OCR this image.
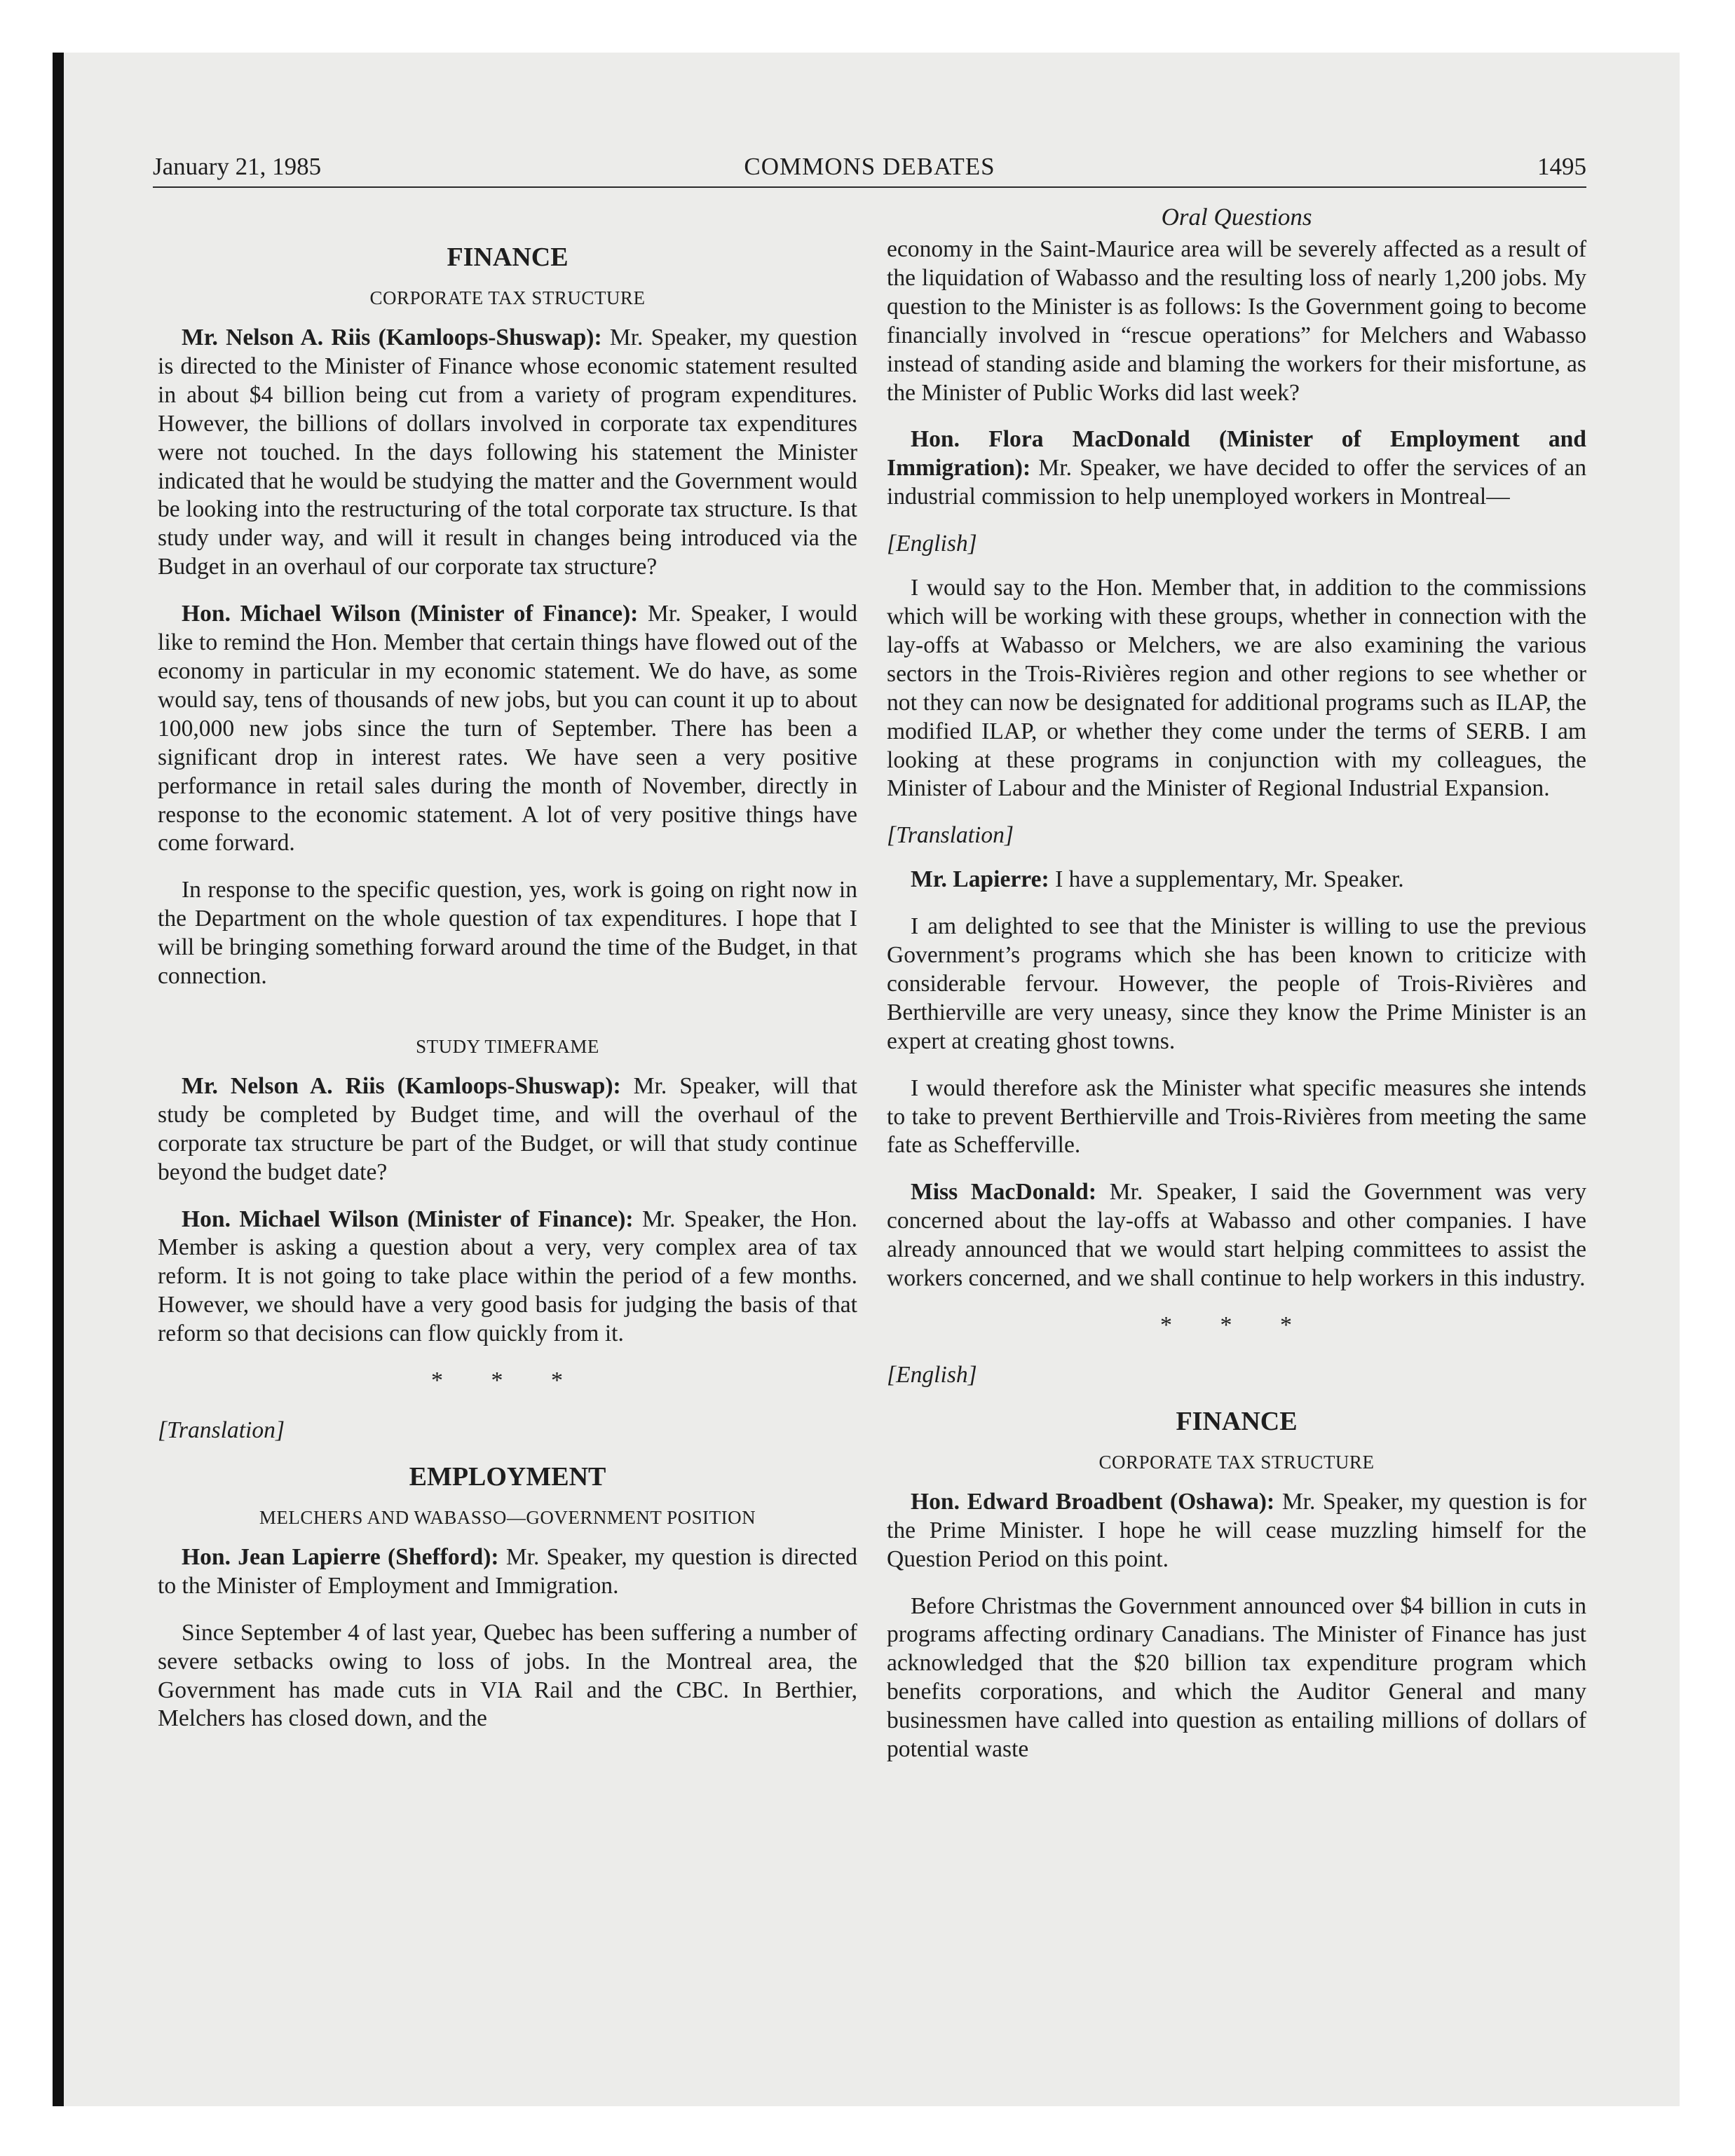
January 21, 1985	COMMONS DEBATES	1495
Oral Questions
FINANCE
CORPORATE TAX STRUCTURE

Mr. Nelson A. Riis (Kamloops-Shuswap): Mr. Speaker, my question is directed to the Minister of Finance whose economic statement resulted in about $4 billion being cut from a variety of program expenditures. However, the billions of dollars involved in corporate tax expenditures were not touched. In the days following his statement the Minister indicated that he would be studying the matter and the Government would be looking into the restructuring of the total corporate tax structure. Is that study under way, and will it result in changes being introduced via the Budget in an overhaul of our corporate tax structure?

Hon. Michael Wilson (Minister of Finance): Mr. Speaker, I would like to remind the Hon. Member that certain things have flowed out of the economy in particular in my economic statement. We do have, as some would say, tens of thousands of new jobs, but you can count it up to about 100,000 new jobs since the turn of September. There has been a significant drop in interest rates. We have seen a very positive performance in retail sales during the month of November, directly in response to the economic statement. A lot of very positive things have come forward.

In response to the specific question, yes, work is going on right now in the Department on the whole question of tax expenditures. I hope that I will be bringing something forward around the time of the Budget, in that connection.

STUDY TIMEFRAME

Mr. Nelson A. Riis (Kamloops-Shuswap): Mr. Speaker, will that study be completed by Budget time, and will the overhaul of the corporate tax structure be part of the Budget, or will that study continue beyond the budget date?

Hon. Michael Wilson (Minister of Finance): Mr. Speaker, the Hon. Member is asking a question about a very, very complex area of tax reform. It is not going to take place within the period of a few months. However, we should have a very good basis for judging the basis of that reform so that decisions can flow quickly from it.

* * *
[Translation]
EMPLOYMENT
MELCHERS AND WABASSO—GOVERNMENT POSITION

Hon. Jean Lapierre (Shefford): Mr. Speaker, my question is directed to the Minister of Employment and Immigration.

Since September 4 of last year, Quebec has been suffering a number of severe setbacks owing to loss of jobs. In the Montreal area, the Government has made cuts in VIA Rail and the CBC. In Berthier, Melchers has closed down, and the

economy in the Saint-Maurice area will be severely affected as a result of the liquidation of Wabasso and the resulting loss of nearly 1,200 jobs. My question to the Minister is as follows: Is the Government going to become financially involved in “rescue operations” for Melchers and Wabasso instead of standing aside and blaming the workers for their misfortune, as the Minister of Public Works did last week?

Hon. Flora MacDonald (Minister of Employment and Immigration): Mr. Speaker, we have decided to offer the services of an industrial commission to help unemployed workers in Montreal—

[English]

I would say to the Hon. Member that, in addition to the commissions which will be working with these groups, whether in connection with the lay-offs at Wabasso or Melchers, we are also examining the various sectors in the Trois-Rivières region and other regions to see whether or not they can now be designated for additional programs such as ILAP, the modified ILAP, or whether they come under the terms of SERB. I am looking at these programs in conjunction with my colleagues, the Minister of Labour and the Minister of Regional Industrial Expansion.

[Translation]

Mr. Lapierre: I have a supplementary, Mr. Speaker.

I am delighted to see that the Minister is willing to use the previous Government’s programs which she has been known to criticize with considerable fervour. However, the people of Trois-Rivières and Berthierville are very uneasy, since they know the Prime Minister is an expert at creating ghost towns.

I would therefore ask the Minister what specific measures she intends to take to prevent Berthierville and Trois-Rivières from meeting the same fate as Schefferville.

Miss MacDonald: Mr. Speaker, I said the Government was very concerned about the lay-offs at Wabasso and other companies. I have already announced that we would start helping committees to assist the workers concerned, and we shall continue to help workers in this industry.

* * *
[English]
FINANCE
CORPORATE TAX STRUCTURE

Hon. Edward Broadbent (Oshawa): Mr. Speaker, my question is for the Prime Minister. I hope he will cease muzzling himself for the Question Period on this point.

Before Christmas the Government announced over $4 billion in cuts in programs affecting ordinary Canadians. The Minister of Finance has just acknowledged that the $20 billion tax expenditure program which benefits corporations, and which the Auditor General and many businessmen have called into question as entailing millions of dollars of potential waste
